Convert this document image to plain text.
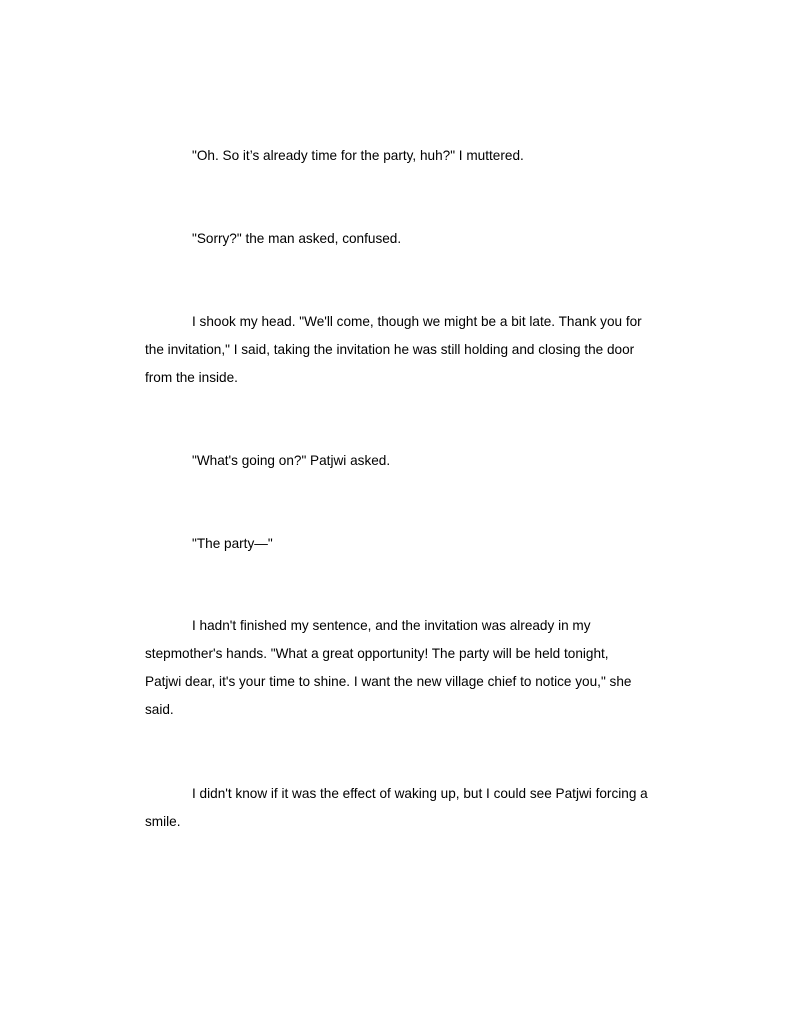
"Oh. So it’s already time for the party, huh?" I muttered.

"Sorry?" the man asked, confused.

I shook my head. "We'll come, though we might be a bit late. Thank you for
the invitation," I said, taking the invitation he was still holding and closing the door
from the inside.

"What's going on?" Patjwi asked.

"The party—"

I hadn't finished my sentence, and the invitation was already in my
stepmother's hands. "What a great opportunity! The party will be held tonight,
Patjwi dear, it's your time to shine. I want the new village chief to notice you," she
said.

I didn't know if it was the effect of waking up, but I could see Patjwi forcing a
smile.
